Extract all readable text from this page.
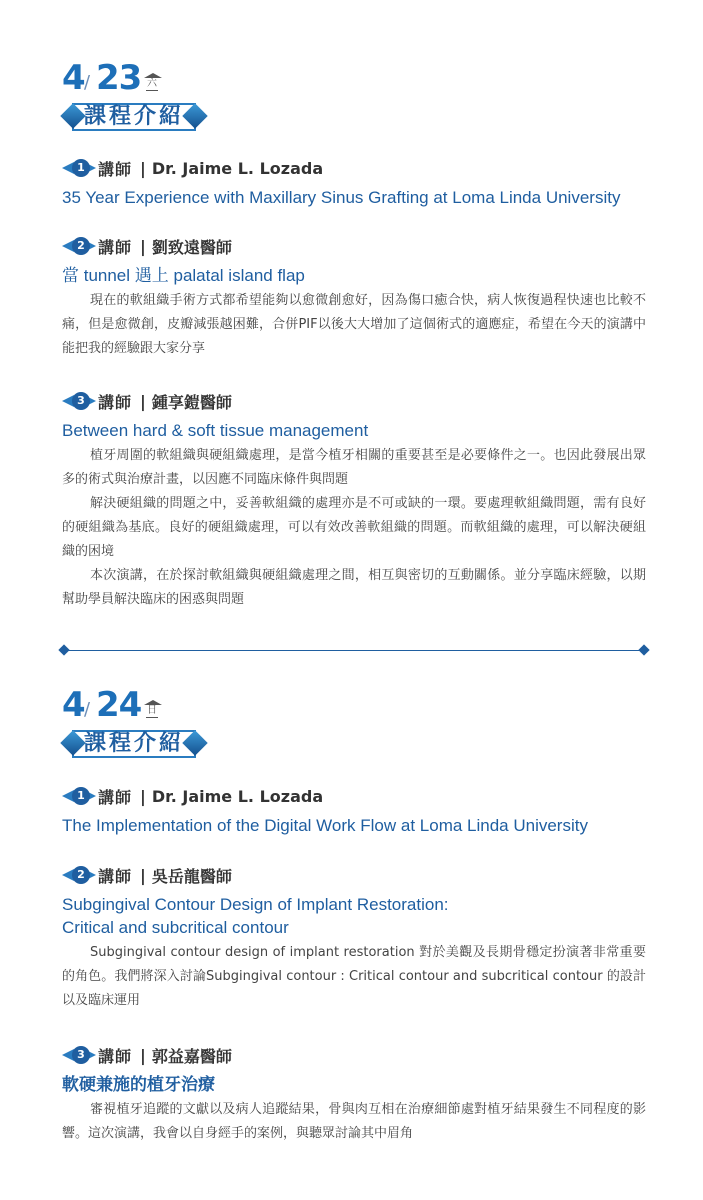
4 / 23 六
課程介紹
1 講師 | Dr. Jaime L. Lozada
35 Year Experience with Maxillary Sinus Grafting at Loma Linda University
2 講師 | 劉致遠醫師
當 tunnel 遇上 palatal island flap

現在的軟組織手術方式都希望能夠以愈微創愈好，因為傷口癒合快，病人恢復過程快速也比較不痛，但是愈微創，皮瓣減張越困難，合併PIF以後大大增加了這個術式的適應症，希望在今天的演講中能把我的經驗跟大家分享

3 講師 | 鍾享鎧醫師
Between hard & soft tissue management

植牙周圍的軟組織與硬組織處理，是當今植牙相關的重要甚至是必要條件之一。也因此發展出眾多的術式與治療計畫，以因應不同臨床條件與問題

解決硬組織的問題之中，妥善軟組織的處理亦是不可或缺的一環。要處理軟組織問題，需有良好的硬組織為基底。良好的硬組織處理，可以有效改善軟組織的問題。而軟組織的處理，可以解決硬組織的困境

本次演講，在於探討軟組織與硬組織處理之間，相互與密切的互動關係。並分享臨床經驗，以期幫助學員解決臨床的困惑與問題

4 / 24 日
課程介紹
1 講師 | Dr. Jaime L. Lozada
The Implementation of the Digital Work Flow at Loma Linda University
2 講師 | 吳岳龍醫師
Subgingival Contour Design of Implant Restoration:
Critical and subcritical contour

Subgingival contour design of implant restoration 對於美觀及長期骨穩定扮演著非常重要的角色。我們將深入討論Subgingival contour : Critical contour and subcritical contour 的設計以及臨床運用

3 講師 | 郭益嘉醫師
軟硬兼施的植牙治療

審視植牙追蹤的文獻以及病人追蹤結果，骨與肉互相在治療細節處對植牙結果發生不同程度的影響。這次演講，我會以自身經手的案例，與聽眾討論其中眉角
